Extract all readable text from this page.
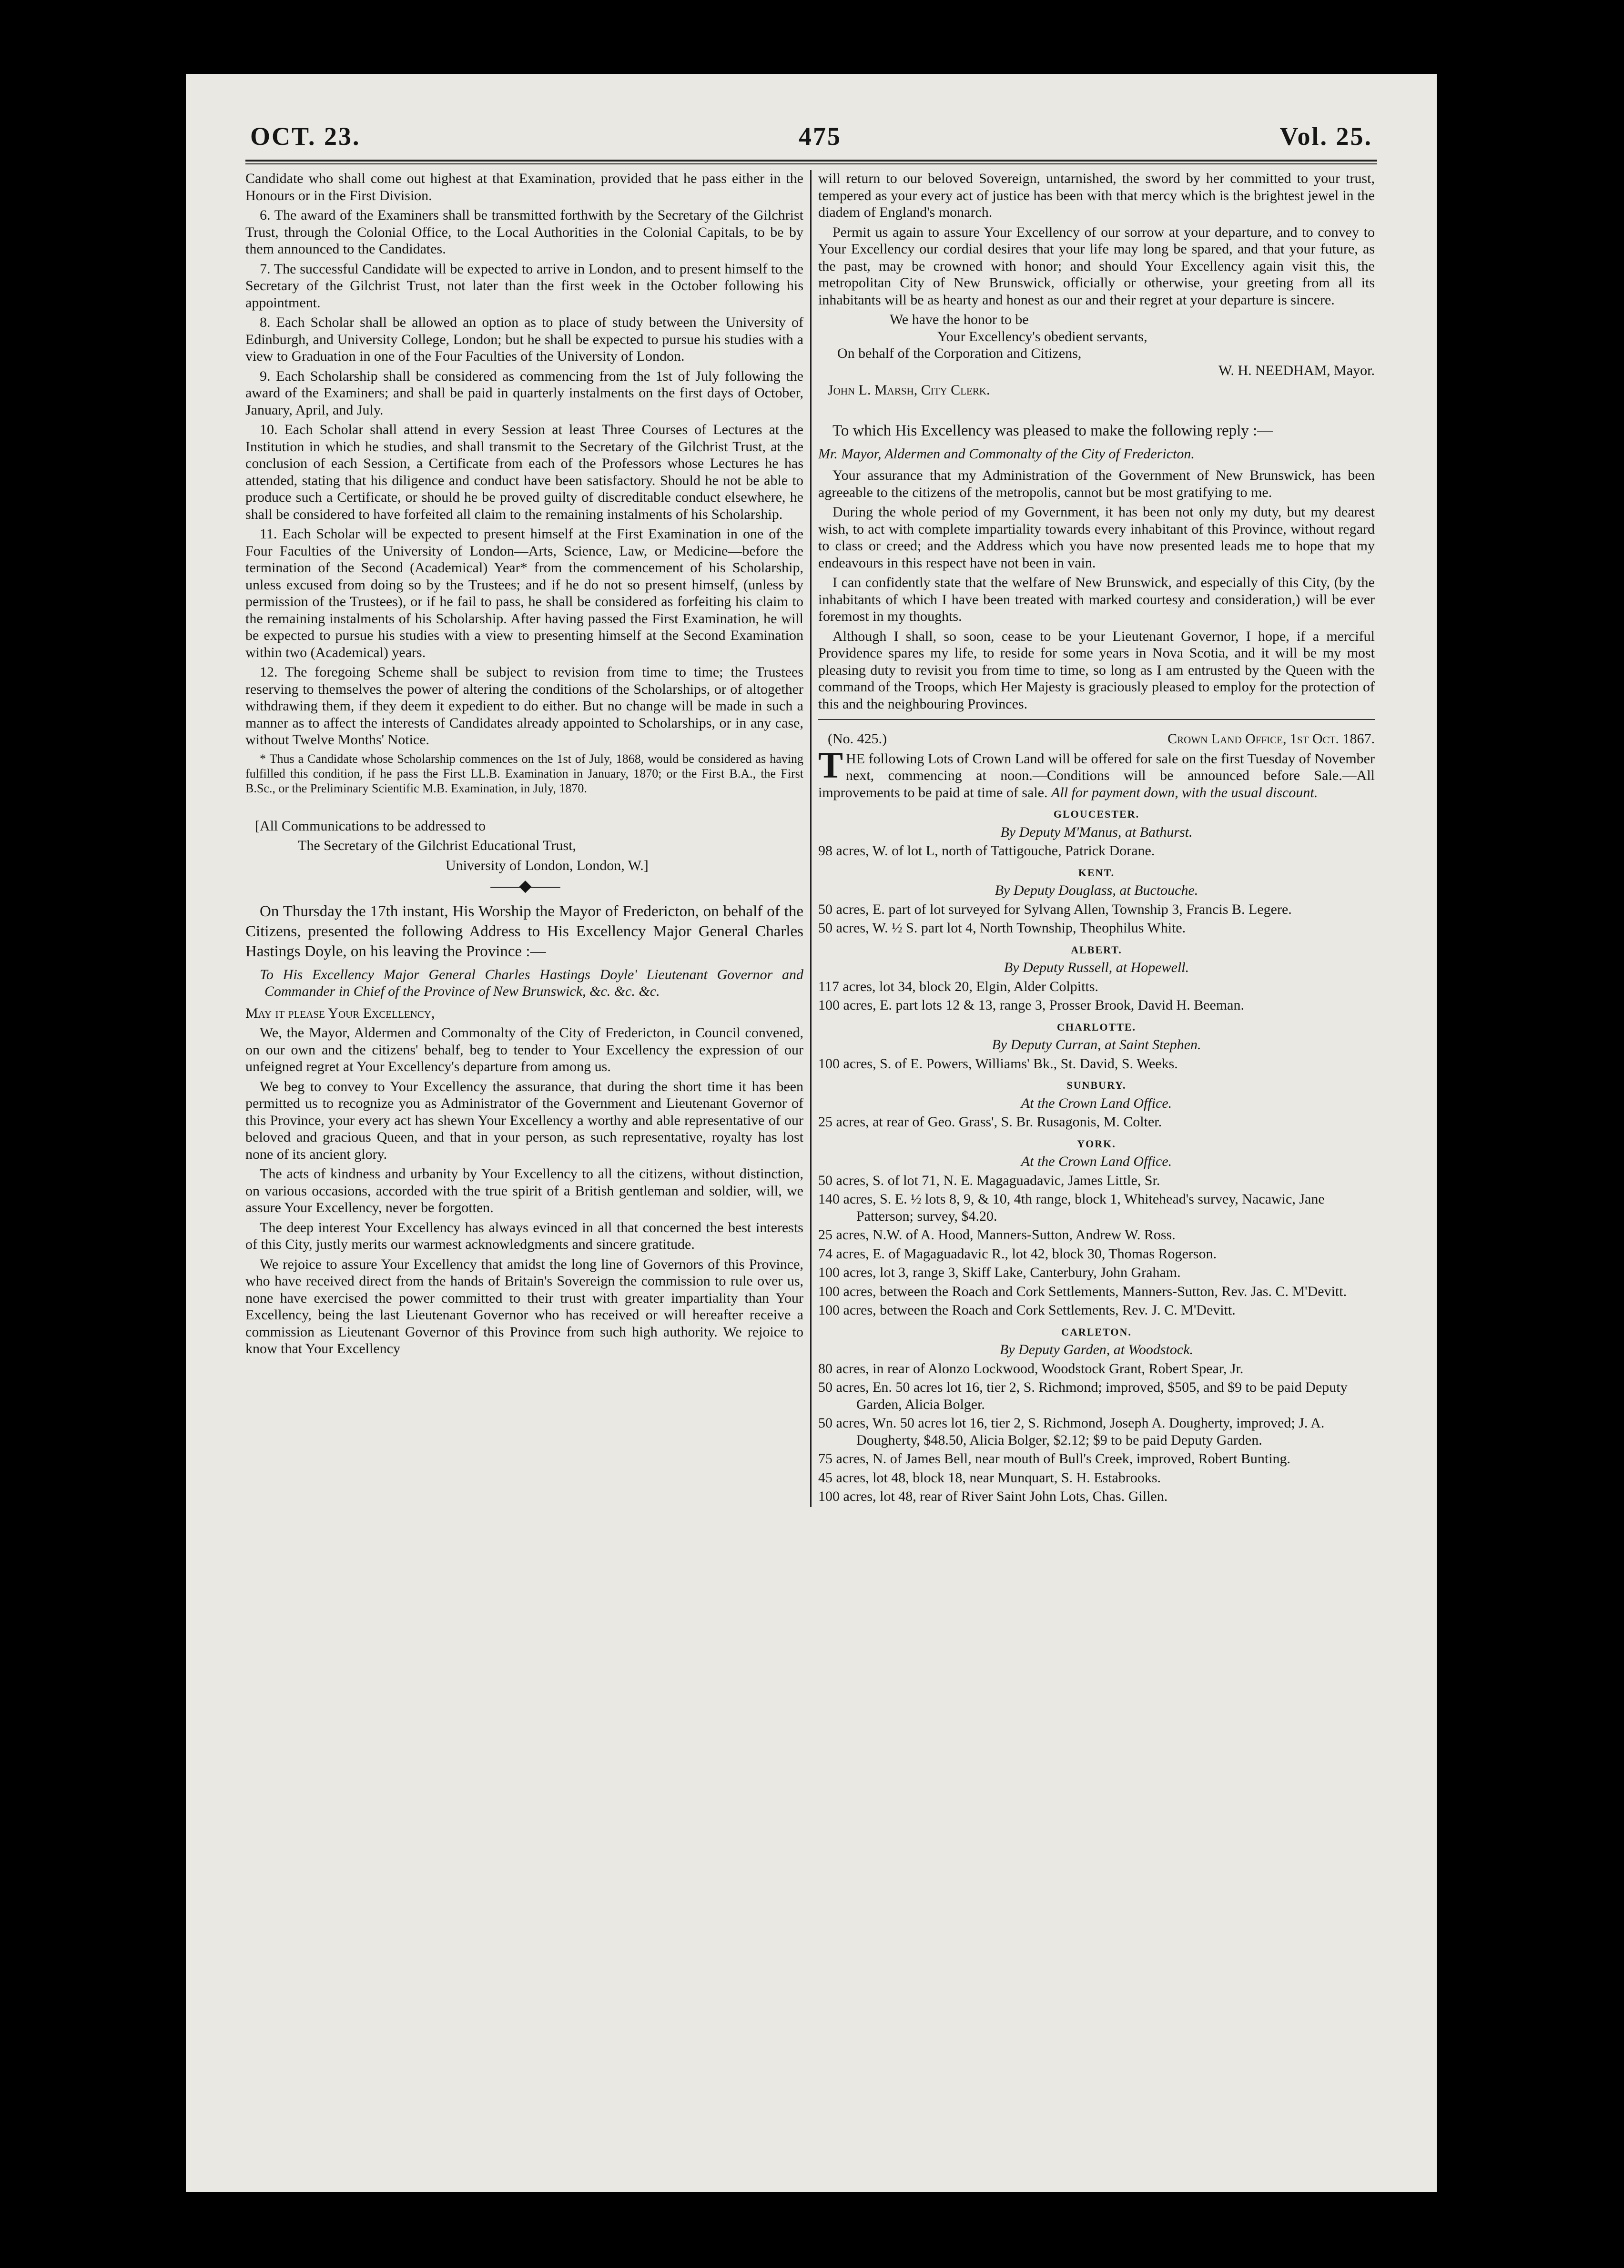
OCT. 23.	475	Vol. 25.

Candidate who shall come out highest at that Examination, provided that he pass either in the Honours or in the First Division.

6. The award of the Examiners shall be transmitted forthwith by the Secretary of the Gilchrist Trust, through the Colonial Office, to the Local Authorities in the Colonial Capitals, to be by them announced to the Candidates.

7. The successful Candidate will be expected to arrive in London, and to present himself to the Secretary of the Gilchrist Trust, not later than the first week in the October following his appointment.

8. Each Scholar shall be allowed an option as to place of study between the University of Edinburgh, and University College, London; but he shall be expected to pursue his studies with a view to Graduation in one of the Four Faculties of the University of London.

9. Each Scholarship shall be considered as commencing from the 1st of July following the award of the Examiners; and shall be paid in quarterly instalments on the first days of October, January, April, and July.

10. Each Scholar shall attend in every Session at least Three Courses of Lectures at the Institution in which he studies, and shall transmit to the Secretary of the Gilchrist Trust, at the conclusion of each Session, a Certificate from each of the Professors whose Lectures he has attended, stating that his diligence and conduct have been satisfactory. Should he not be able to produce such a Certificate, or should he be proved guilty of discreditable conduct elsewhere, he shall be considered to have forfeited all claim to the remaining instalments of his Scholarship.

11. Each Scholar will be expected to present himself at the First Examination in one of the Four Faculties of the University of London—Arts, Science, Law, or Medicine—before the termination of the Second (Academical) Year* from the commencement of his Scholarship, unless excused from doing so by the Trustees; and if he do not so present himself, (unless by permission of the Trustees), or if he fail to pass, he shall be considered as forfeiting his claim to the remaining instalments of his Scholarship. After having passed the First Examination, he will be expected to pursue his studies with a view to presenting himself at the Second Examination within two (Academical) years.

12. The foregoing Scheme shall be subject to revision from time to time; the Trustees reserving to themselves the power of altering the conditions of the Scholarships, or of altogether withdrawing them, if they deem it expedient to do either. But no change will be made in such a manner as to affect the interests of Candidates already appointed to Scholarships, or in any case, without Twelve Months' Notice.

* Thus a Candidate whose Scholarship commences on the 1st of July, 1868, would be considered as having fulfilled this condition, if he pass the First LL.B. Examination in January, 1870; or the First B.A., the First B.Sc., or the Preliminary Scientific M.B. Examination, in July, 1870.

[All Communications to be addressed to

The Secretary of the Gilchrist Educational Trust,

University of London, London, W.]

——◆——

On Thursday the 17th instant, His Worship the Mayor of Fredericton, on behalf of the Citizens, presented the following Address to His Excellency Major General Charles Hastings Doyle, on his leaving the Province :—

To His Excellency Major General Charles Hastings Doyle' Lieutenant Governor and Commander in Chief of the Province of New Brunswick, &c. &c. &c.

May it please Your Excellency,

We, the Mayor, Aldermen and Commonalty of the City of Fredericton, in Council convened, on our own and the citizens' behalf, beg to tender to Your Excellency the expression of our unfeigned regret at Your Excellency's departure from among us.

We beg to convey to Your Excellency the assurance, that during the short time it has been permitted us to recognize you as Administrator of the Government and Lieutenant Governor of this Province, your every act has shewn Your Excellency a worthy and able representative of our beloved and gracious Queen, and that in your person, as such representative, royalty has lost none of its ancient glory.

The acts of kindness and urbanity by Your Excellency to all the citizens, without distinction, on various occasions, accorded with the true spirit of a British gentleman and soldier, will, we assure Your Excellency, never be forgotten.

The deep interest Your Excellency has always evinced in all that concerned the best interests of this City, justly merits our warmest acknowledgments and sincere gratitude.

We rejoice to assure Your Excellency that amidst the long line of Governors of this Province, who have received direct from the hands of Britain's Sovereign the commission to rule over us, none have exercised the power committed to their trust with greater impartiality than Your Excellency, being the last Lieutenant Governor who has received or will hereafter receive a commission as Lieutenant Governor of this Province from such high authority. We rejoice to know that Your Excellency

will return to our beloved Sovereign, untarnished, the sword by her committed to your trust, tempered as your every act of justice has been with that mercy which is the brightest jewel in the diadem of England's monarch.

Permit us again to assure Your Excellency of our sorrow at your departure, and to convey to Your Excellency our cordial desires that your life may long be spared, and that your future, as the past, may be crowned with honor; and should Your Excellency again visit this, the metropolitan City of New Brunswick, officially or otherwise, your greeting from all its inhabitants will be as hearty and honest as our and their regret at your departure is sincere.

We have the honor to be

Your Excellency's obedient servants,

On behalf of the Corporation and Citizens,

W. H. NEEDHAM, Mayor.

John L. Marsh, City Clerk.

To which His Excellency was pleased to make the following reply :—

Mr. Mayor, Aldermen and Commonalty of the City of Fredericton.

Your assurance that my Administration of the Government of New Brunswick, has been agreeable to the citizens of the metropolis, cannot but be most gratifying to me.

During the whole period of my Government, it has been not only my duty, but my dearest wish, to act with complete impartiality towards every inhabitant of this Province, without regard to class or creed; and the Address which you have now presented leads me to hope that my endeavours in this respect have not been in vain.

I can confidently state that the welfare of New Brunswick, and especially of this City, (by the inhabitants of which I have been treated with marked courtesy and consideration,) will be ever foremost in my thoughts.

Although I shall, so soon, cease to be your Lieutenant Governor, I hope, if a merciful Providence spares my life, to reside for some years in Nova Scotia, and it will be my most pleasing duty to revisit you from time to time, so long as I am entrusted by the Queen with the command of the Troops, which Her Majesty is graciously pleased to employ for the protection of this and the neighbouring Provinces.

(No. 425.)	Crown Land Office, 1st Oct. 1867.

T HE following Lots of Crown Land will be offered for sale on the first Tuesday of November next, commencing at noon.—Conditions will be announced before Sale.—All improvements to be paid at time of sale. All for payment down, with the usual discount.

GLOUCESTER.

By Deputy M'Manus, at Bathurst.

98 acres, W. of lot L, north of Tattigouche, Patrick Dorane.

KENT.

By Deputy Douglass, at Buctouche.

50 acres, E. part of lot surveyed for Sylvang Allen, Township 3, Francis B. Legere.

50 acres, W. ½ S. part lot 4, North Township, Theophilus White.

ALBERT.

By Deputy Russell, at Hopewell.

117 acres, lot 34, block 20, Elgin, Alder Colpitts.

100 acres, E. part lots 12 & 13, range 3, Prosser Brook, David H. Beeman.

CHARLOTTE.

By Deputy Curran, at Saint Stephen.

100 acres, S. of E. Powers, Williams' Bk., St. David, S. Weeks.

SUNBURY.

At the Crown Land Office.

25 acres, at rear of Geo. Grass', S. Br. Rusagonis, M. Colter.

YORK.

At the Crown Land Office.

50 acres, S. of lot 71, N. E. Magaguadavic, James Little, Sr.

140 acres, S. E. ½ lots 8, 9, & 10, 4th range, block 1, Whitehead's survey, Nacawic, Jane Patterson; survey, $4.20.

25 acres, N.W. of A. Hood, Manners-Sutton, Andrew W. Ross.

74 acres, E. of Magaguadavic R., lot 42, block 30, Thomas Rogerson.

100 acres, lot 3, range 3, Skiff Lake, Canterbury, John Graham.

100 acres, between the Roach and Cork Settlements, Manners-Sutton, Rev. Jas. C. M'Devitt.

100 acres, between the Roach and Cork Settlements, Rev. J. C. M'Devitt.

CARLETON.

By Deputy Garden, at Woodstock.

80 acres, in rear of Alonzo Lockwood, Woodstock Grant, Robert Spear, Jr.

50 acres, En. 50 acres lot 16, tier 2, S. Richmond; improved, $505, and $9 to be paid Deputy Garden, Alicia Bolger.

50 acres, Wn. 50 acres lot 16, tier 2, S. Richmond, Joseph A. Dougherty, improved; J. A. Dougherty, $48.50, Alicia Bolger, $2.12; $9 to be paid Deputy Garden.

75 acres, N. of James Bell, near mouth of Bull's Creek, improved, Robert Bunting.

45 acres, lot 48, block 18, near Munquart, S. H. Estabrooks.

100 acres, lot 48, rear of River Saint John Lots, Chas. Gillen.
